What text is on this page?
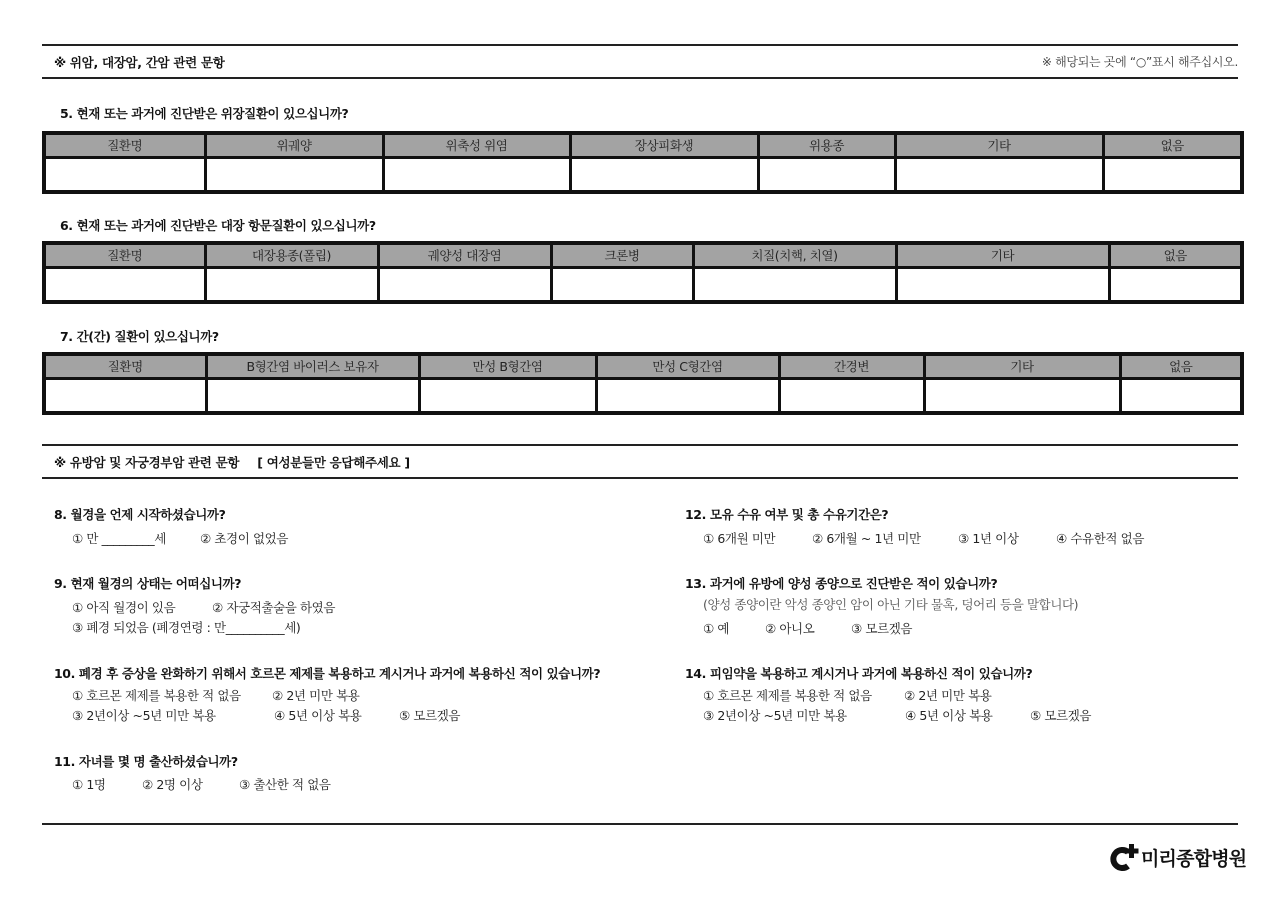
※ 위암, 대장암, 간암 관련 문항	※ 해당되는 곳에 “○”표시 해주십시오.
5. 현재 또는 과거에 진단받은 위장질환이 있으십니까?
질환명	위궤양	위축성 위염	장상피화생	위용종	기타	없음

6. 현재 또는 과거에 진단받은 대장 항문질환이 있으십니까?
질환명	대장용종(폴립)	궤양성 대장염	크론병	치질(치핵, 치열)	기타	없음

7. 간(간) 질환이 있으십니까?
질환명	B형간염 바이러스 보유자	만성 B형간염	만성 C형간염	간경변	기타	없음

※ 유방암 및 자궁경부암 관련 문항 [ 여성분들만 응답해주세요 ]
8. 월경을 언제 시작하셨습니까?
① 만 _________세	② 초경이 없었음
9. 현재 월경의 상태는 어떠십니까?
① 아직 월경이 있음	② 자궁적출술을 하였음
③ 폐경 되었음 (폐경연령 : 만__________세)
10. 폐경 후 증상을 완화하기 위해서 호르몬 제제를 복용하고 계시거나 과거에 복용하신 적이 있습니까?
① 호르몬 제제를 복용한 적 없음 ② 2년 미만 복용
③ 2년이상 ~5년 미만 복용	④ 5년 이상 복용	⑤ 모르겠음
11. 자녀를 몇 명 출산하셨습니까?
① 1명	② 2명 이상	③ 출산한 적 없음
12. 모유 수유 여부 및 총 수유기간은?
① 6개원 미만	② 6개월 ~ 1년 미만	③ 1년 이상	④ 수유한적 없음
13. 과거에 유방에 양성 종양으로 진단받은 적이 있습니까?
(양성 종양이란 악성 종양인 암이 아닌 기타 물혹, 덩어리 등을 말합니다)
① 예	② 아니오	③ 모르겠음
14. 피임약을 복용하고 계시거나 과거에 복용하신 적이 있습니까?
① 호르몬 제제를 복용한 적 없음	② 2년 미만 복용
③ 2년이상 ~5년 미만 복용	④ 5년 이상 복용	⑤ 모르겠음
미리종합병원
